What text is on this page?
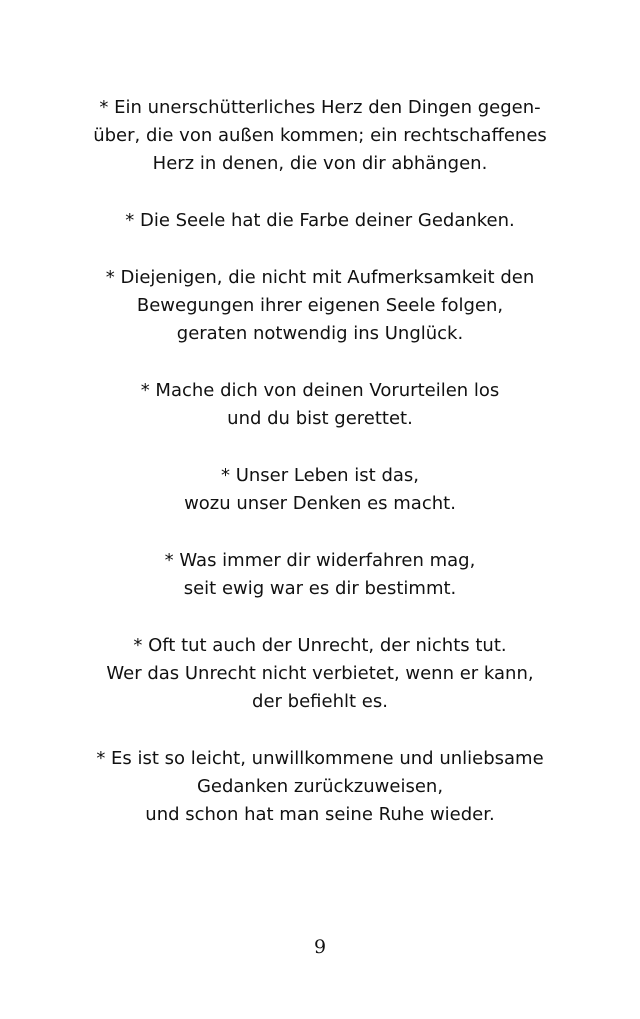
* Ein unerschütterliches Herz den Dingen gegen-
über, die von außen kommen; ein rechtschaffenes
Herz in denen, die von dir abhängen.
* Die Seele hat die Farbe deiner Gedanken.
* Diejenigen, die nicht mit Aufmerksamkeit den
Bewegungen ihrer eigenen Seele folgen,
geraten notwendig ins Unglück.
* Mache dich von deinen Vorurteilen los
und du bist gerettet.
* Unser Leben ist das,
wozu unser Denken es macht.
* Was immer dir widerfahren mag,
seit ewig war es dir bestimmt.
* Oft tut auch der Unrecht, der nichts tut.
Wer das Unrecht nicht verbietet, wenn er kann,
der befiehlt es.
* Es ist so leicht, unwillkommene und unliebsame
Gedanken zurückzuweisen,
und schon hat man seine Ruhe wieder.
9
